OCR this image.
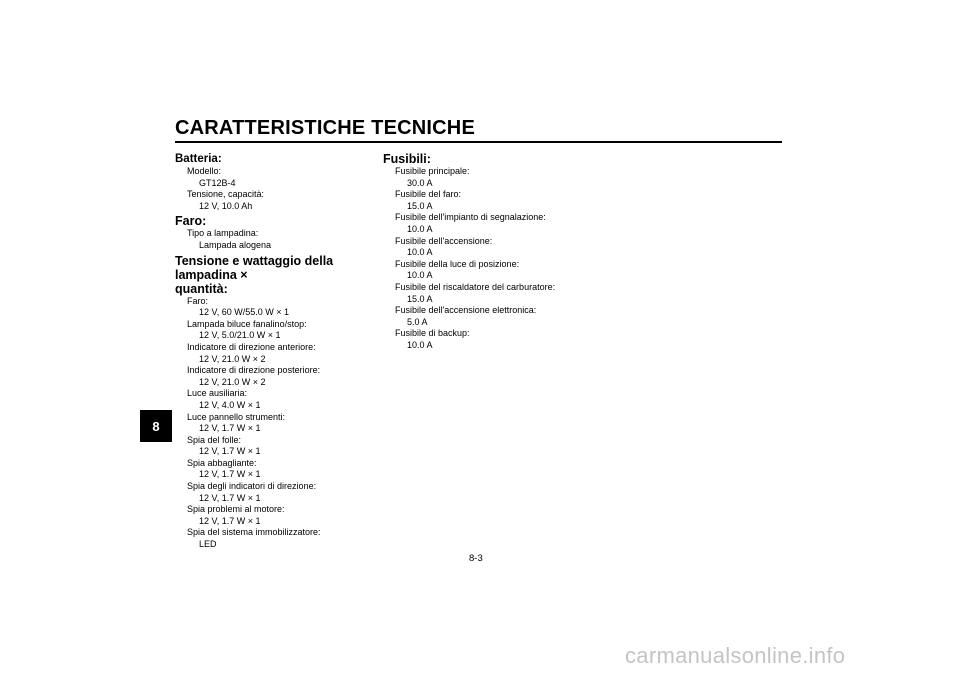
CARATTERISTICHE TECNICHE
8
Batteria:
Modello:
GT12B-4
Tensione, capacità:
12 V, 10.0 Ah
Faro:
Tipo a lampadina:
Lampada alogena
Tensione e wattaggio della lampadina ×
quantità:
Faro:
12 V, 60 W/55.0 W × 1
Lampada biluce fanalino/stop:
12 V, 5.0/21.0 W × 1
Indicatore di direzione anteriore:
12 V, 21.0 W × 2
Indicatore di direzione posteriore:
12 V, 21.0 W × 2
Luce ausiliaria:
12 V, 4.0 W × 1
Luce pannello strumenti:
12 V, 1.7 W × 1
Spia del folle:
12 V, 1.7 W × 1
Spia abbagliante:
12 V, 1.7 W × 1
Spia degli indicatori di direzione:
12 V, 1.7 W × 1
Spia problemi al motore:
12 V, 1.7 W × 1
Spia del sistema immobilizzatore:
LED
Fusibili:
Fusibile principale:
30.0 A
Fusibile del faro:
15.0 A
Fusibile dell'impianto di segnalazione:
10.0 A
Fusibile dell'accensione:
10.0 A
Fusibile della luce di posizione:
10.0 A
Fusibile del riscaldatore del carburatore:
15.0 A
Fusibile dell'accensione elettronica:
5.0 A
Fusibile di backup:
10.0 A
8-3
carmanualsonline.info
